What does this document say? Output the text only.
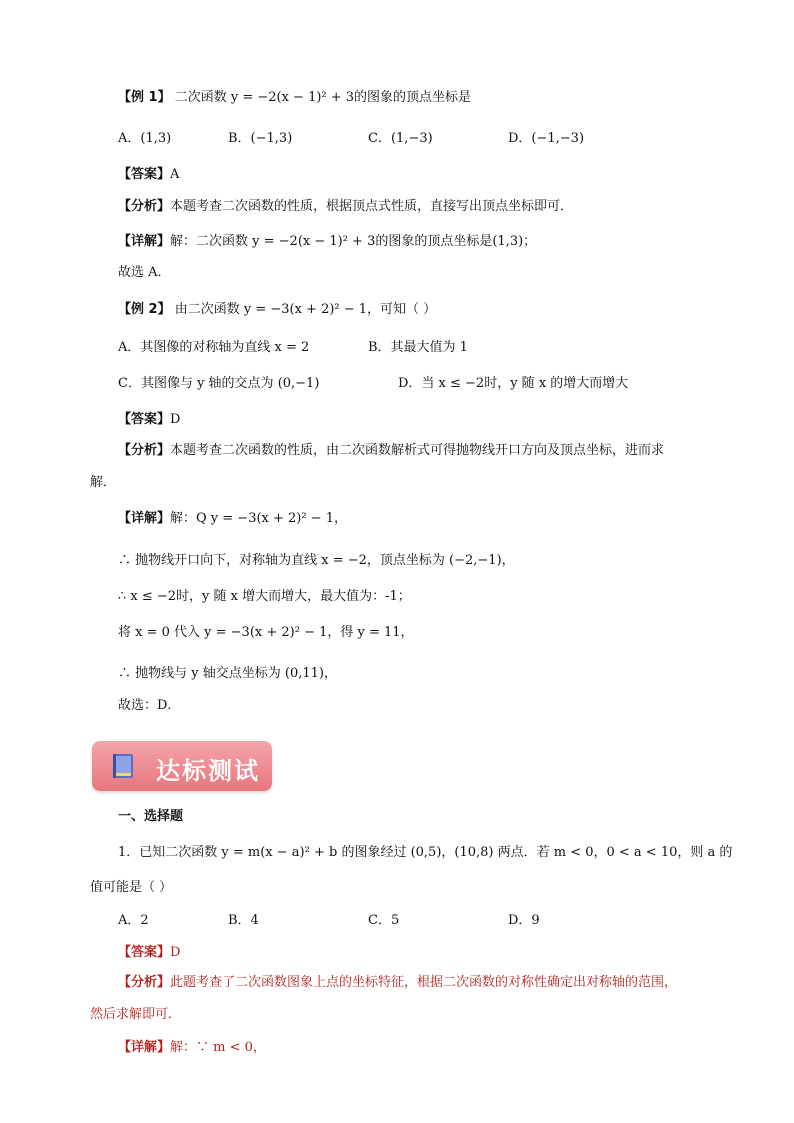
【例 1】 二次函数 y = −2(x − 1)² + 3的图象的顶点坐标是
A．(1,3)	B．(−1,3)	C．(1,−3)	D．(−1,−3)
【答案】A
【分析】本题考查二次函数的性质，根据顶点式性质，直接写出顶点坐标即可．
【详解】解：二次函数 y = −2(x − 1)² + 3的图象的顶点坐标是(1,3)；
故选 A．
【例 2】 由二次函数 y = −3(x + 2)² − 1，可知（ ）
A．其图像的对称轴为直线 x = 2	B．其最大值为 1
C．其图像与 y 轴的交点为 (0,−1)	D．当 x ≤ −2时，y 随 x 的增大而增大
【答案】D
【分析】本题考查二次函数的性质，由二次函数解析式可得抛物线开口方向及顶点坐标，进而求
解．
【详解】解：Q y = −3(x + 2)² − 1，
∴ 抛物线开口向下，对称轴为直线 x = −2，顶点坐标为 (−2,−1)，
∴ x ≤ −2时，y 随 x 增大而增大，最大值为：-1；
将 x = 0 代入 y = −3(x + 2)² − 1，得 y = 11，
∴ 抛物线与 y 轴交点坐标为 (0,11)，
故选：D．
达标测试
一、选择题
1．已知二次函数 y = m(x − a)² + b 的图象经过 (0,5)，(10,8) 两点．若 m < 0，0 < a < 10，则 a 的
值可能是（ ）
A．2	B．4	C．5	D．9
【答案】D
【分析】此题考查了二次函数图象上点的坐标特征，根据二次函数的对称性确定出对称轴的范围，
然后求解即可．
【详解】解：∵ m < 0，
